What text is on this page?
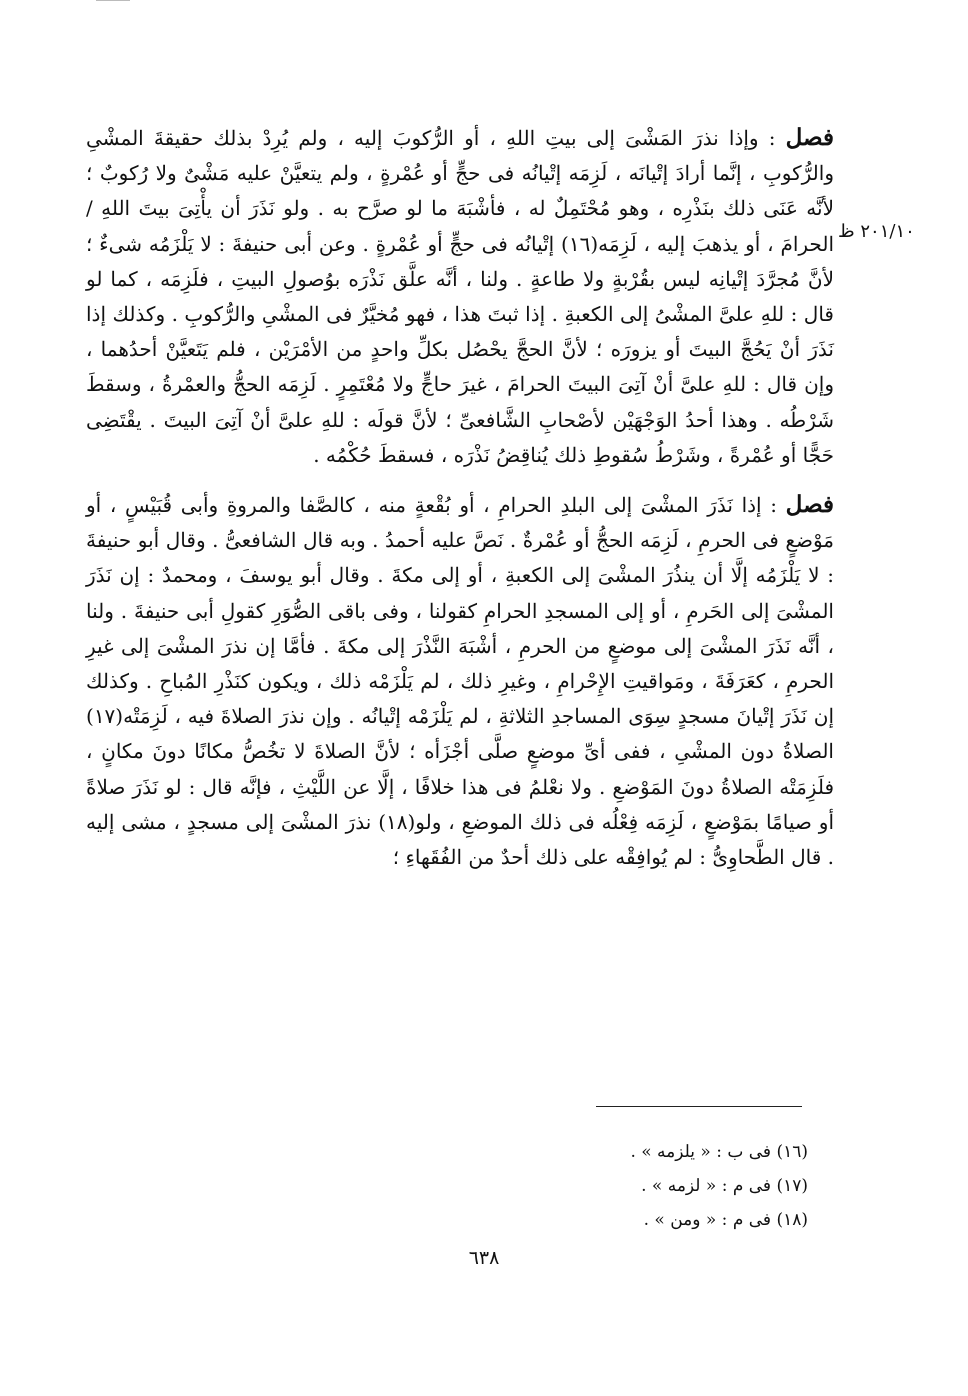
٢٠١/١٠ ظ

فصل : وإذا نذرَ المَشْىَ إلى بيتِ اللهِ ، أو الرُّكوبَ إليه ، ولم يُرِدْ بذلك حقيقةَ المشْىِ والرُّكوبِ ، إنَّما أرادَ إتْيانَه ، لَزِمَه إتْيانُه فى حجٍّ أو عُمْرةٍ ، ولم يتعيَّنْ عليه مَشْىٌ ولا رُكوبٌ ؛ لأنَّه عَنَى ذلك بنَذْرِه ، وهو مُحْتَمِلٌ له ، فأشْبَهَ ما لو صرَّح به . ولو نَذَرَ أن يأْتِىَ بيتَ اللهِ / الحرامَ ، أو يذهبَ إليه ، لَزِمَه(١٦) إتْيانُه فى حجٍّ أو عُمْرةٍ . وعن أبى حنيفةَ : لا يَلْزَمُه شىءٌ ؛ لأنَّ مُجرَّدَ إتْيانِه ليس بقُرْبةٍ ولا طاعةٍ . ولنا ، أنَّه علَّق نَذْرَه بوُصولِ البيتِ ، فلَزِمَه ، كما لو قال : للهِ علىَّ المشْىُ إلى الكعبةِ . إذا ثبتَ هذا ، فهو مُخيَّرٌ فى المشْىِ والرُّكوبِ . وكذلك إذا نَذَرَ أنْ يَحُجَّ البيتَ أو يزورَه ؛ لأنَّ الحجَّ يحْصُل بكلِّ واحدٍ من الأمْرَيْن ، فلم يَتَعيَّنْ أحدُهما ، وإن قال : للهِ علىَّ أنْ آتِىَ البيتَ الحرامَ ، غيرَ حاجٍّ ولا مُعْتَمِرٍ . لَزِمَه الحجُّ والعمْرةُ ، وسقطَ شَرْطُه . وهذا أحدُ الوَجْهَيْن لأصْحابِ الشَّافعىِّ ؛ لأنَّ قولَه : للهِ علىَّ أنْ آتِىَ البيتَ . يقْتَضِى حَجًّا أو عُمْرةً ، وشَرْطُ سُقوطِ ذلك يُناقِضُ نَذْرَه ، فسقطَ حُكْمُه .

فصل : إذا نَذَرَ المشْىَ إلى البلدِ الحرامِ ، أو بُقْعةٍ منه ، كالصَّفا والمروةِ وأبى قُبَيْسٍ ، أو مَوْضعٍ فى الحرمِ ، لَزِمَه الحجُّ أو عُمْرةٌ . نَصَّ عليه أحمدُ . وبه قال الشافعىُّ . وقال أبو حنيفةَ : لا يَلْزَمُه إلَّا أن ينذُرَ المشْىَ إلى الكعبةِ ، أو إلى مكةَ . وقال أبو يوسفَ ، ومحمدٌ : إن نَذَرَ المشْىَ إلى الحَرمِ ، أو إلى المسجدِ الحرامِ كقولنا ، وفى باقى الصُّوَرِ كقولِ أبى حنيفةَ . ولنا ، أنَّه نَذَرَ المشْىَ إلى موضعٍ من الحرمِ ، أشْبَهَ النَّذْرَ إلى مكةَ . فأمَّا إن نذرَ المشْىَ إلى غيرِ الحرمِ ، كعَرَفَةَ ، ومَواقيتِ الإِحْرامِ ، وغيرِ ذلك ، لم يَلْزَمْه ذلك ، ويكون كنَذْرِ المُباحِ . وكذلك إن نَذَرَ إتْيانَ مسجدٍ سِوَى المساجدِ الثلاثةِ ، لم يَلْزَمْه إتْيانُه . وإن نذرَ الصلاةَ فيه ، لَزِمَتْه(١٧) الصلاةُ دون المشْىِ ، ففى أىِّ موضعٍ صلَّى أجْزَأه ؛ لأنَّ الصلاةَ لا تخُصُّ مكانًا دونَ مكانٍ ، فلَزِمَتْه الصلاةُ دونَ المَوْضعِ . ولا نعْلمُ فى هذا خلافًا ، إلَّا عن اللَّيْثِ ، فإنَّه قال : لو نَذَرَ صلاةً أو صيامًا بمَوْضعٍ ، لَزِمَه فِعْلُه فى ذلك الموضعِ ، ولو(١٨) نذرَ المشْىَ إلى مسجدٍ ، مشى إليه . قال الطَّحاوِىُّ : لم يُوافِقْه على ذلك أحدٌ من الفُقَهاءِ ؛

(١٦) فى ب : « يلزمه » .

(١٧) فى م : « لزمه » .

(١٨) فى م : « ومن » .

٦٣٨
